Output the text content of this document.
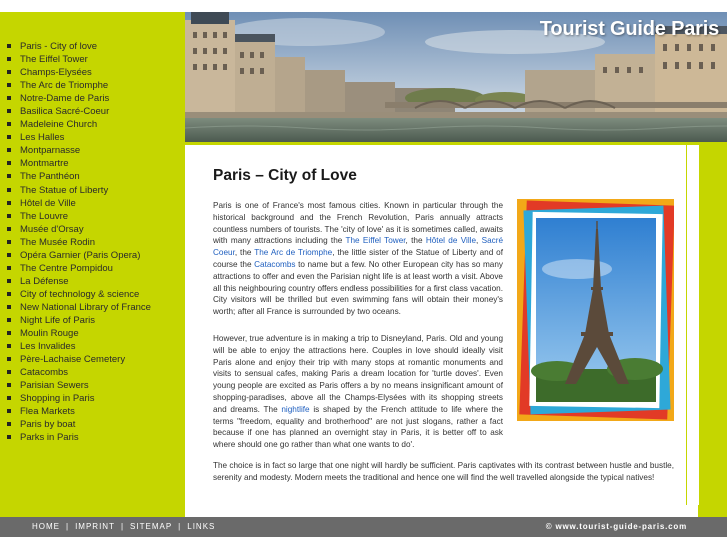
Tourist Guide Paris
Paris - City of love
The Eiffel Tower
Champs-Elysées
The Arc de Triomphe
Notre-Dame de Paris
Basilica Sacré-Coeur
Madeleine Church
Les Halles
Montparnasse
Montmartre
The Panthéon
The Statue of Liberty
Hôtel de Ville
The Louvre
Musée d'Orsay
The Musée Rodin
Opéra Garnier (Paris Opera)
The Centre Pompidou
La Défense
City of technology & science
New National Library of France
Night Life of Paris
Moulin Rouge
Les Invalides
Père-Lachaise Cemetery
Catacombs
Parisian Sewers
Shopping in Paris
Flea Markets
Paris by boat
Parks in Paris
Paris – City of Love
Paris is one of France's most famous cities. Known in particular through the historical background and the French Revolution, Paris annually attracts countless numbers of tourists. The 'city of love' as it is sometimes called, awaits with many attractions including the The Eiffel Tower, the Hôtel de Ville, Sacré Coeur, the The Arc de Triomphe, the little sister of the Statue of Liberty and of course the Catacombs to name but a few. No other European city has so many attractions to offer and even the Parisian night life is at least worth a visit. Above all this neighbouring country offers endless possibilities for a first class vacation. City visitors will be thrilled but even swimming fans will obtain their money's worth; after all France is surrounded by two oceans.
However, true adventure is in making a trip to Disneyland, Paris. Old and young will be able to enjoy the attractions here. Couples in love should ideally visit Paris alone and enjoy their trip with many stops at romantic monuments and visits to sensual cafes, making Paris a dream location for 'turtle doves'. Even young people are excited as Paris offers a by no means insignificant amount of shopping-paradises, above all the Champs-Elysées with its shopping streets and dreams. The nightlife is shaped by the French attitude to life where the terms "freedom, equality and brotherhood" are not just slogans, rather a fact because if one has planned an overnight stay in Paris, it is better off to ask where should one go rather than what one wants to do'.
The choice is in fact so large that one night will hardly be sufficient. Paris captivates with its contrast between hustle and bustle, serenity and modesty. Modern meets the traditional and hence one will find the well travelled alongside the typical natives!
HOME | IMPRINT | SITEMAP | LINKS	© www.tourist-guide-paris.com
